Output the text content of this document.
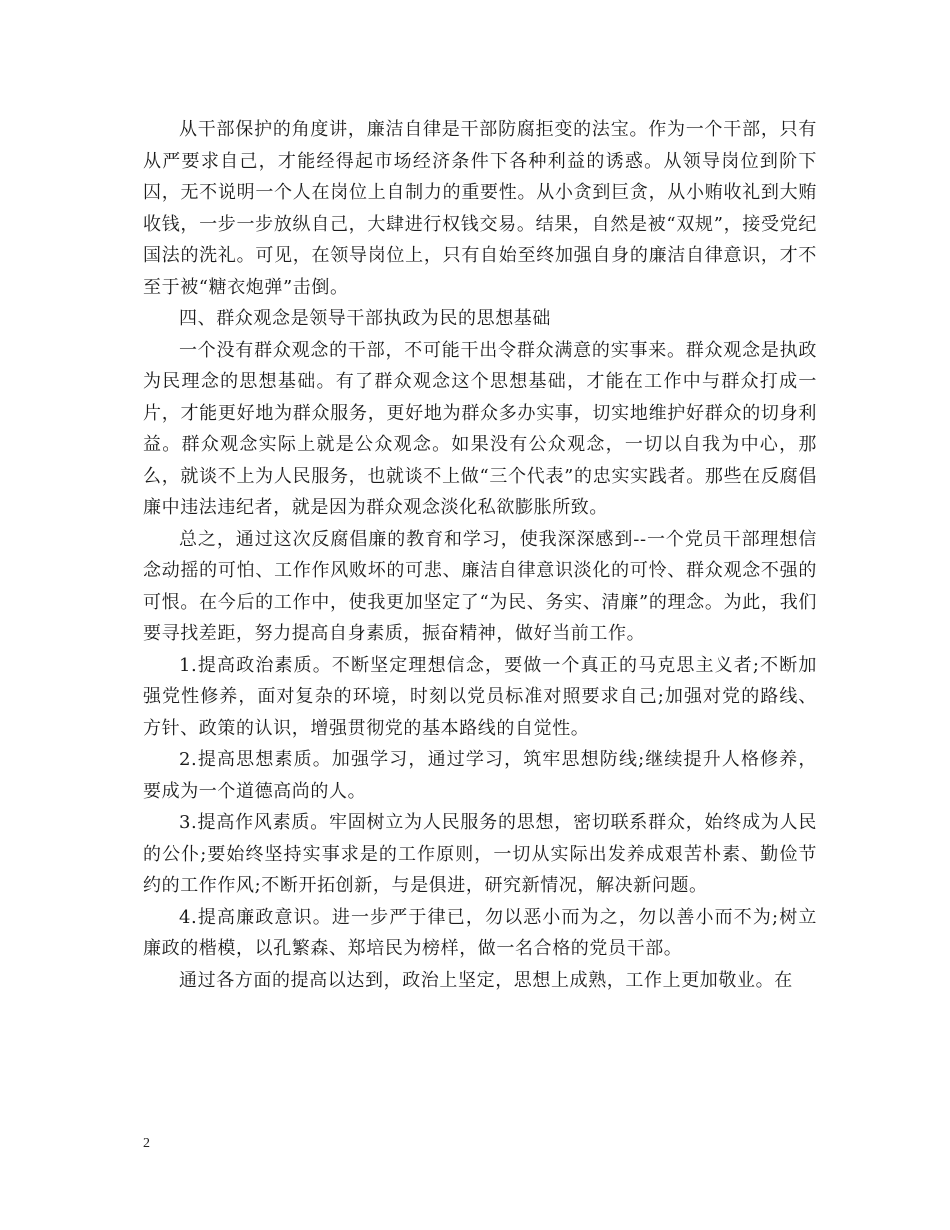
从干部保护的角度讲，廉洁自律是干部防腐拒变的法宝。作为一个干部，只有从严要求自己，才能经得起市场经济条件下各种利益的诱惑。从领导岗位到阶下囚，无不说明一个人在岗位上自制力的重要性。从小贪到巨贪，从小贿收礼到大贿收钱，一步一步放纵自己，大肆进行权钱交易。结果，自然是被“双规”，接受党纪国法的洗礼。可见，在领导岗位上，只有自始至终加强自身的廉洁自律意识，才不至于被“糖衣炮弹”击倒。

四、群众观念是领导干部执政为民的思想基础

一个没有群众观念的干部，不可能干出令群众满意的实事来。群众观念是执政为民理念的思想基础。有了群众观念这个思想基础，才能在工作中与群众打成一片，才能更好地为群众服务，更好地为群众多办实事，切实地维护好群众的切身利益。群众观念实际上就是公众观念。如果没有公众观念，一切以自我为中心，那么，就谈不上为人民服务，也就谈不上做“三个代表”的忠实实践者。那些在反腐倡廉中违法违纪者，就是因为群众观念淡化私欲膨胀所致。

总之，通过这次反腐倡廉的教育和学习，使我深深感到--一个党员干部理想信念动摇的可怕、工作作风败坏的可悲、廉洁自律意识淡化的可怜、群众观念不强的可恨。在今后的工作中，使我更加坚定了“为民、务实、清廉”的理念。为此，我们要寻找差距，努力提高自身素质，振奋精神，做好当前工作。

1.提高政治素质。不断坚定理想信念，要做一个真正的马克思主义者;不断加强党性修养，面对复杂的环境，时刻以党员标准对照要求自己;加强对党的路线、方针、政策的认识，增强贯彻党的基本路线的自觉性。

2.提高思想素质。加强学习，通过学习，筑牢思想防线;继续提升人格修养，要成为一个道德高尚的人。

3.提高作风素质。牢固树立为人民服务的思想，密切联系群众，始终成为人民的公仆;要始终坚持实事求是的工作原则，一切从实际出发养成艰苦朴素、勤俭节约的工作作风;不断开拓创新，与是俱进，研究新情况，解决新问题。

4.提高廉政意识。进一步严于律已，勿以恶小而为之，勿以善小而不为;树立廉政的楷模，以孔繁森、郑培民为榜样，做一名合格的党员干部。

通过各方面的提高以达到，政治上坚定，思想上成熟，工作上更加敬业。在

2
